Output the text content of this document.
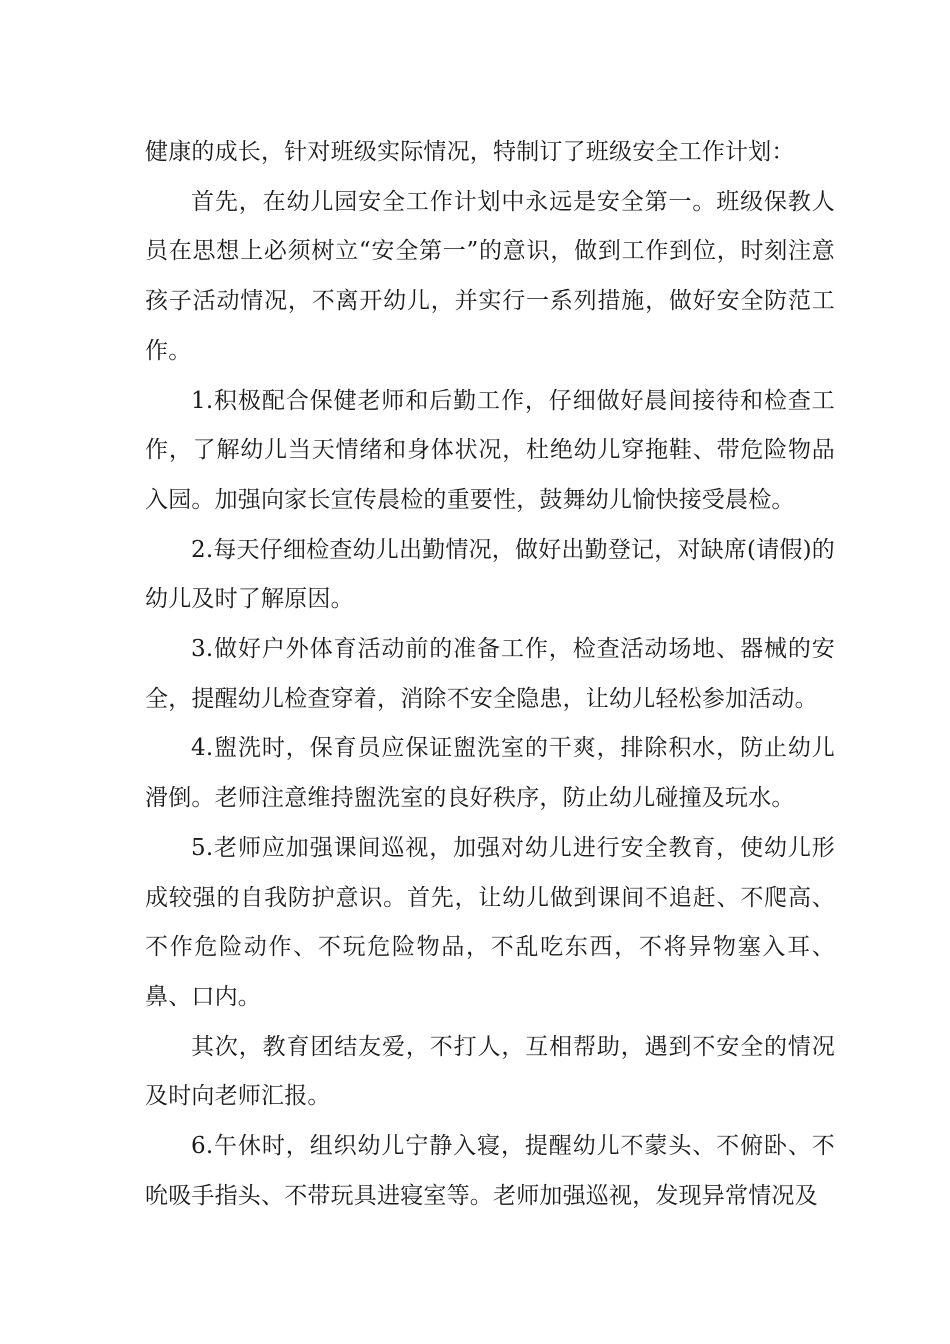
健康的成长，针对班级实际情况，特制订了班级安全工作计划：

首先，在幼儿园安全工作计划中永远是安全第一。班级保教人员在思想上必须树立“安全第一”的意识，做到工作到位，时刻注意孩子活动情况，不离开幼儿，并实行一系列措施，做好安全防范工作。

1.积极配合保健老师和后勤工作，仔细做好晨间接待和检查工作，了解幼儿当天情绪和身体状况，杜绝幼儿穿拖鞋、带危险物品入园。加强向家长宣传晨检的重要性，鼓舞幼儿愉快接受晨检。

2.每天仔细检查幼儿出勤情况，做好出勤登记，对缺席(请假)的幼儿及时了解原因。

3.做好户外体育活动前的准备工作，检查活动场地、器械的安全，提醒幼儿检查穿着，消除不安全隐患，让幼儿轻松参加活动。

4.盥洗时，保育员应保证盥洗室的干爽，排除积水，防止幼儿滑倒。老师注意维持盥洗室的良好秩序，防止幼儿碰撞及玩水。

5.老师应加强课间巡视，加强对幼儿进行安全教育，使幼儿形成较强的自我防护意识。首先，让幼儿做到课间不追赶、不爬高、不作危险动作、不玩危险物品，不乱吃东西，不将异物塞入耳、鼻、口内。

其次，教育团结友爱，不打人，互相帮助，遇到不安全的情况及时向老师汇报。

6.午休时，组织幼儿宁静入寝，提醒幼儿不蒙头、不俯卧、不吮吸手指头、不带玩具进寝室等。老师加强巡视，发现异常情况及
